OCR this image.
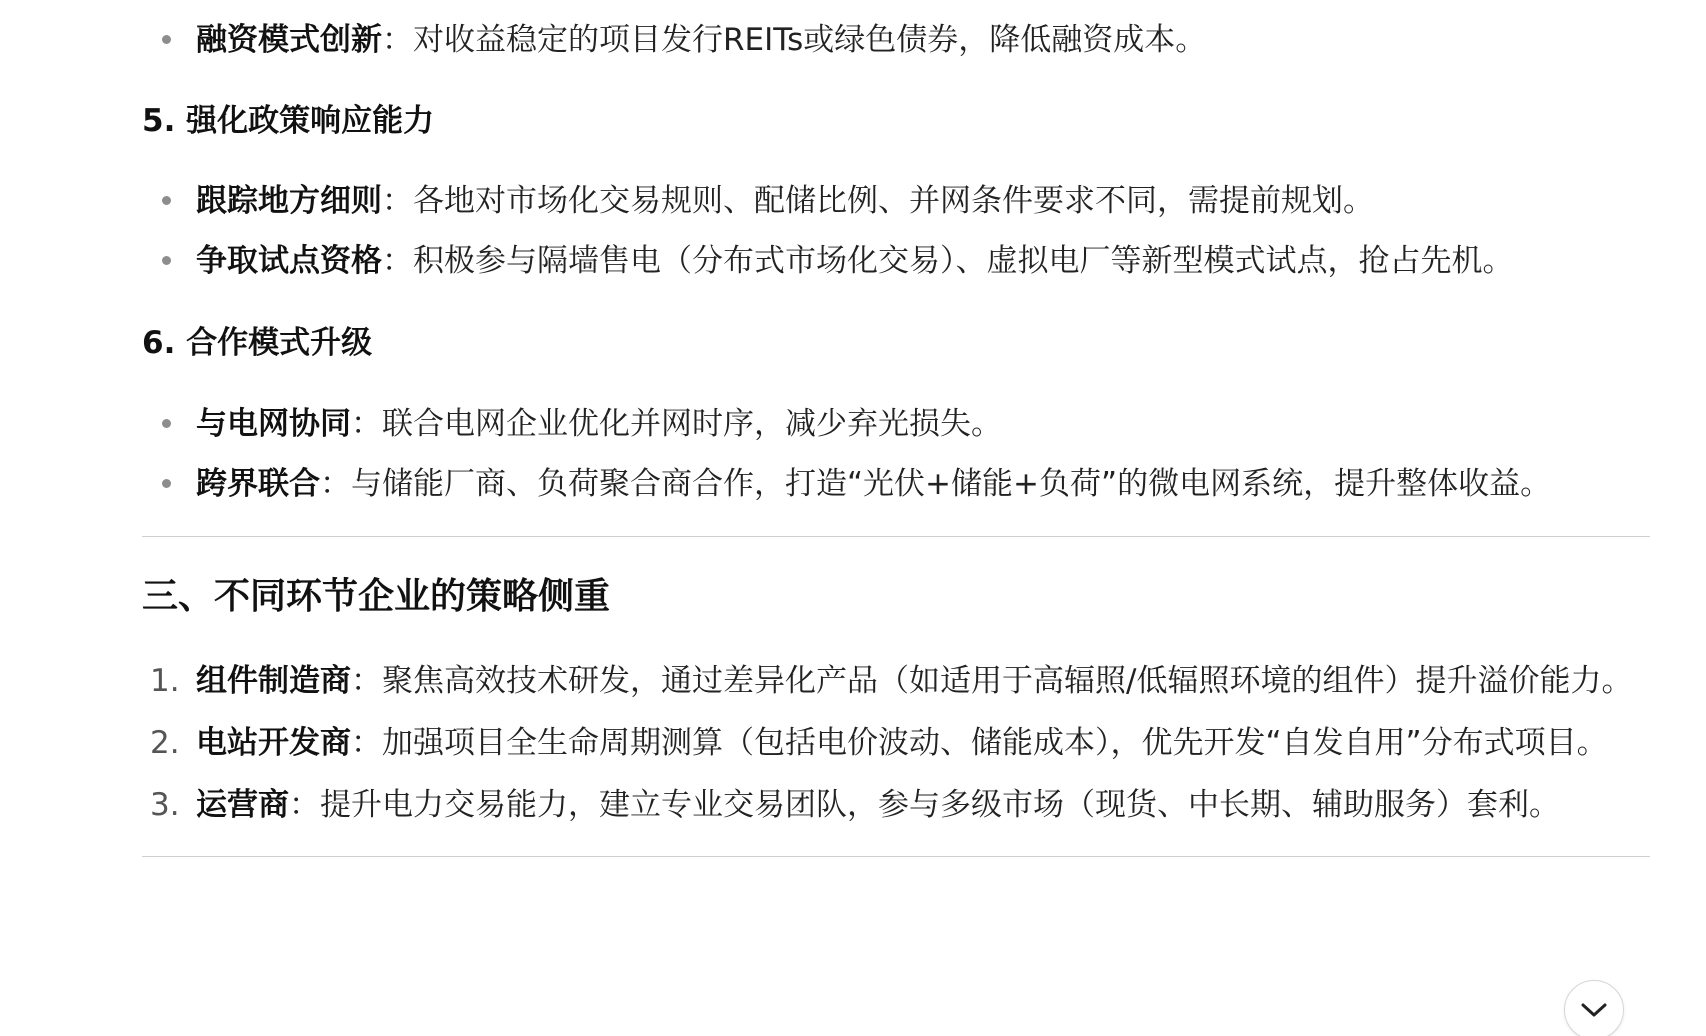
融资模式创新：对收益稳定的项目发行REITs或绿色债券，降低融资成本。
5. 强化政策响应能力
跟踪地方细则：各地对市场化交易规则、配储比例、并网条件要求不同，需提前规划。
争取试点资格：积极参与隔墙售电（分布式市场化交易）、虚拟电厂等新型模式试点，抢占先机。
6. 合作模式升级
与电网协同：联合电网企业优化并网时序，减少弃光损失。
跨界联合：与储能厂商、负荷聚合商合作，打造“光伏+储能+负荷”的微电网系统，提升整体收益。
三、不同环节企业的策略侧重
1. 组件制造商：聚焦高效技术研发，通过差异化产品（如适用于高辐照/低辐照环境的组件）提升溢价能力。
2. 电站开发商：加强项目全生命周期测算（包括电价波动、储能成本），优先开发“自发自用”分布式项目。
3. 运营商：提升电力交易能力，建立专业交易团队，参与多级市场（现货、中长期、辅助服务）套利。
